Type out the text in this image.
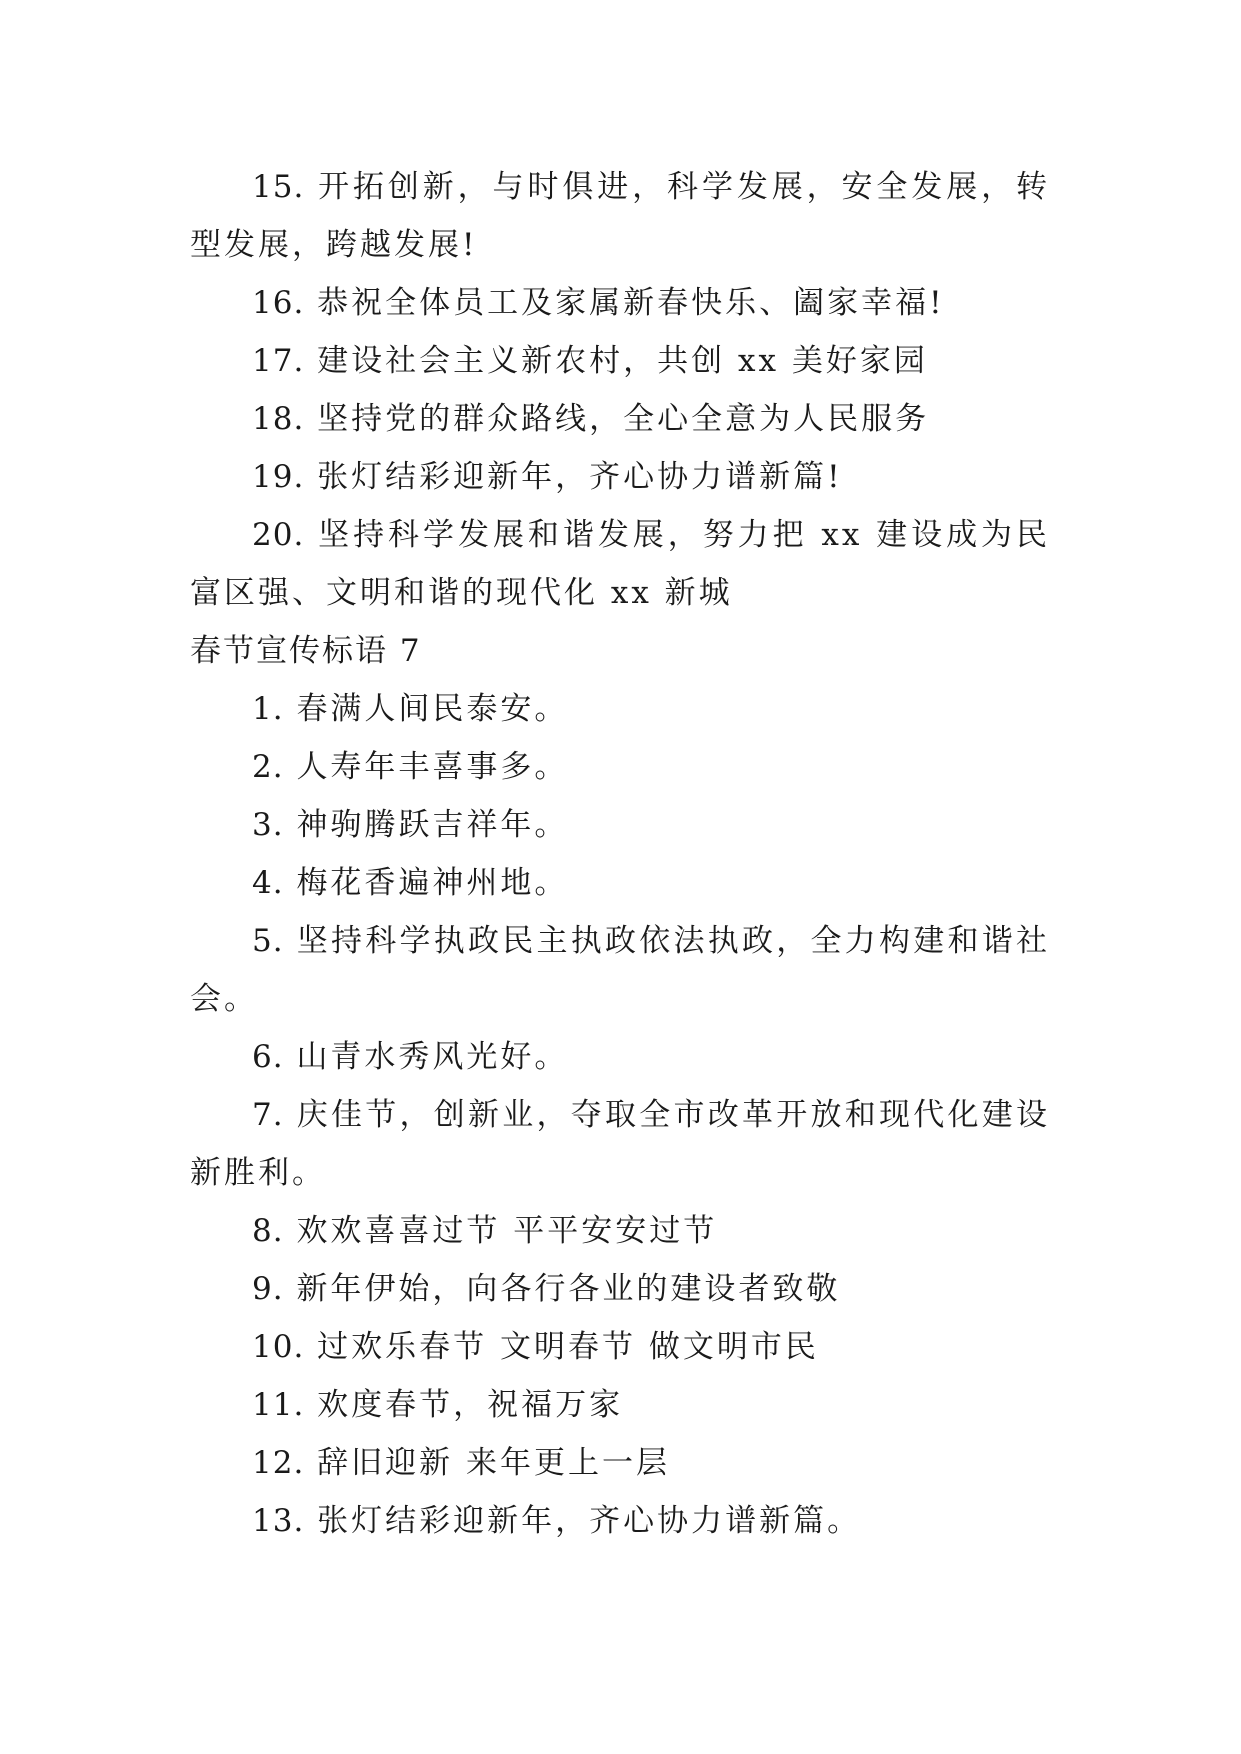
15. 开拓创新，与时俱进，科学发展，安全发展，转型发展，跨越发展!

16. 恭祝全体员工及家属新春快乐、阖家幸福!

17. 建设社会主义新农村，共创 xx 美好家园

18. 坚持党的群众路线，全心全意为人民服务

19. 张灯结彩迎新年，齐心协力谱新篇!

20. 坚持科学发展和谐发展，努力把 xx 建设成为民富区强、文明和谐的现代化 xx 新城

春节宣传标语 7

1. 春满人间民泰安。

2. 人寿年丰喜事多。

3. 神驹腾跃吉祥年。

4. 梅花香遍神州地。

5. 坚持科学执政民主执政依法执政，全力构建和谐社会。

6. 山青水秀风光好。

7. 庆佳节，创新业，夺取全市改革开放和现代化建设新胜利。

8. 欢欢喜喜过节 平平安安过节

9. 新年伊始，向各行各业的建设者致敬

10. 过欢乐春节 文明春节 做文明市民

11. 欢度春节，祝福万家

12. 辞旧迎新 来年更上一层

13. 张灯结彩迎新年，齐心协力谱新篇。
